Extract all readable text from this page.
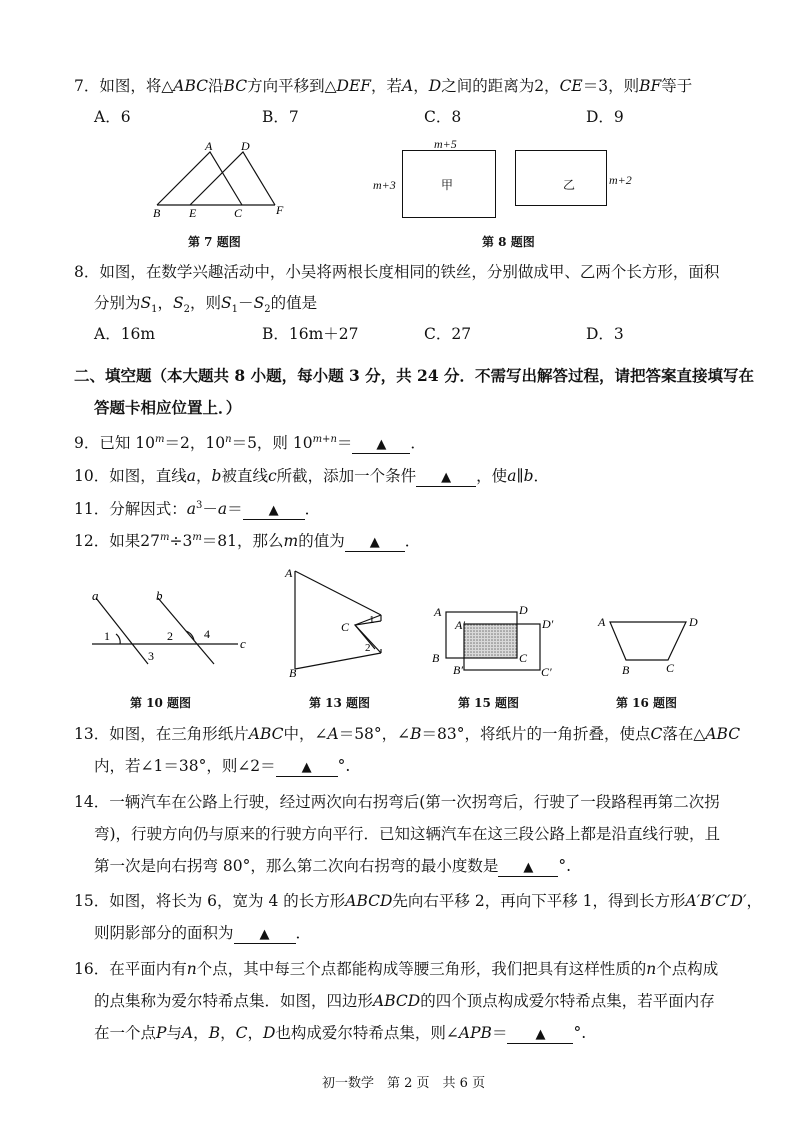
7．如图，将△ABC沿BC方向平移到△DEF，若A，D之间的距离为2，CE＝3，则BF等于
A．6	B．7	C．8	D．9
A D
B E	C	F
第 7 题图
m+5
m+3	甲	乙	m+2
第 8 题图
8．如图，在数学兴趣活动中，小吴将两根长度相同的铁丝，分别做成甲、乙两个长方形，面积
分别为$S_1$，$S_2$，则$S_1-S_2$的值是
A．16m	B．16m＋27	C．27	D．3
二、填空题（本大题共 8 小题，每小题 3 分，共 24 分．不需写出解答过程，请把答案直接填写在
答题卡相应位置上．）
9．已知 $10^m=2$，$10^n=5$，则 $10^{m+n}=$ ▲ ．
10．如图，直线a，b被直线c所截，添加一个条件 ▲ ，使a∥b．
11．分解因式：$a^3-a=$ ▲ ．
12．如果$27^m\div 3^m=81$，那么m的值为 ▲ ．
a	b
1	2	4
3
c
第 10 题图
A
C 1
2
B
第 13 题图
A	D
A′	D′
B	C
B′	C′
第 15 题图
A	D
B	C
第 16 题图
13．如图，在三角形纸片ABC中，∠A＝58°，∠B＝83°，将纸片的一角折叠，使点C落在△ABC
内，若∠1＝38°，则∠2＝ ▲ °.
14．一辆汽车在公路上行驶，经过两次向右拐弯后(第一次拐弯后，行驶了一段路程再第二次拐
弯)，行驶方向仍与原来的行驶方向平行．已知这辆汽车在这三段公路上都是沿直线行驶，且
第一次是向右拐弯 80°，那么第二次向右拐弯的最小度数是 ▲ °.
15．如图，将长为 6，宽为 4 的长方形ABCD先向右平移 2，再向下平移 1，得到长方形A′B′C′D′，
则阴影部分的面积为 ▲ ．
16．在平面内有n个点，其中每三个点都能构成等腰三角形，我们把具有这样性质的n个点构成
的点集称为爱尔特希点集．如图，四边形ABCD的四个顶点构成爱尔特希点集，若平面内存
在一个点P与A，B，C，D也构成爱尔特希点集，则∠APB＝ ▲ °.
初一数学　第 2 页　共 6 页
